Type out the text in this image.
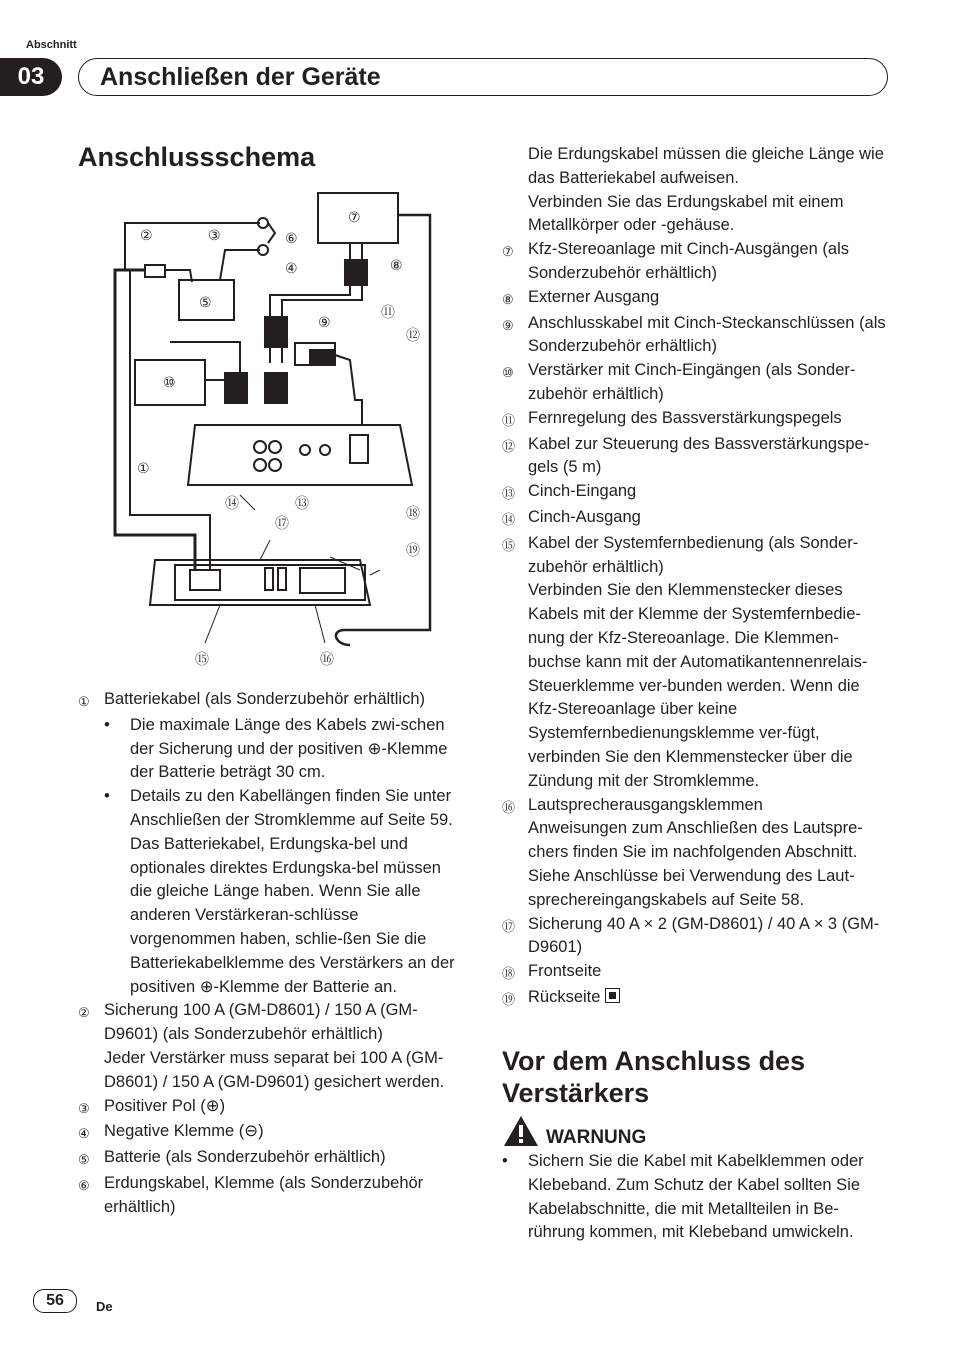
Abschnitt
03	Anschließen der Geräte
Anschlussschema
①
②	③
④
⑤
⑥
⑦
⑧
⑨
⑩
⑪
⑫
⑬
⑭
⑮	⑯
⑰
⑱
⑲
① Batteriekabel (als Sonderzubehör erhältlich)

•	Die maximale Länge des Kabels zwi-schen der Sicherung und der positiven ⊕-Klemme der Batterie beträgt 30 cm.
•	Details zu den Kabellängen finden Sie unter Anschließen der Stromklemme auf Seite 59. Das Batteriekabel, Erdungska-bel und optionales direktes Erdungska-bel müssen die gleiche Länge haben. Wenn Sie alle anderen Verstärkeran-schlüsse vorgenommen haben, schlie-ßen Sie die Batteriekabelklemme des Verstärkers an der positiven ⊕-Klemme der Batterie an.
② Sicherung 100 A (GM-D8601) / 150 A (GM-D9601) (als Sonderzubehör erhältlich)

Jeder Verstärker muss separat bei 100 A (GM-D8601) / 150 A (GM-D9601) gesichert werden.

③ Positiver Pol (⊕)

④ Negative Klemme (⊖)

⑤ Batterie (als Sonderzubehör erhältlich)

⑥ Erdungskabel, Klemme (als Sonderzubehör erhältlich)

Die Erdungskabel müssen die gleiche Länge wie das Batteriekabel aufweisen.

Verbinden Sie das Erdungskabel mit einem Metallkörper oder -gehäuse.

⑦ Kfz-Stereoanlage mit Cinch-Ausgängen (als Sonderzubehör erhältlich)

⑧ Externer Ausgang

⑨ Anschlusskabel mit Cinch-Steckanschlüssen (als Sonderzubehör erhältlich)

⑩ Verstärker mit Cinch-Eingängen (als Sonder-zubehör erhältlich)

⑪ Fernregelung des Bassverstärkungspegels

⑫ Kabel zur Steuerung des Bassverstärkungspe-gels (5 m)

⑬ Cinch-Eingang

⑭ Cinch-Ausgang

⑮ Kabel der Systemfernbedienung (als Sonder-zubehör erhältlich)

Verbinden Sie den Klemmenstecker dieses Kabels mit der Klemme der Systemfernbedie-nung der Kfz-Stereoanlage. Die Klemmen-buchse kann mit der Automatikantennenrelais-Steuerklemme ver-bunden werden. Wenn die Kfz-Stereoanlage über keine Systemfernbedienungsklemme ver-fügt, verbinden Sie den Klemmenstecker über die Zündung mit der Stromklemme.

⑯ Lautsprecherausgangsklemmen

Anweisungen zum Anschließen des Lautspre-chers finden Sie im nachfolgenden Abschnitt. Siehe Anschlüsse bei Verwendung des Laut-sprechereingangskabels auf Seite 58.

⑰ Sicherung 40 A × 2 (GM-D8601) / 40 A × 3 (GM-D9601)

⑱ Frontseite

⑲ Rückseite

Vor dem Anschluss des Verstärkers
WARNUNG
•	Sichern Sie die Kabel mit Kabelklemmen oder Klebeband. Zum Schutz der Kabel sollten Sie Kabelabschnitte, die mit Metallteilen in Be-rührung kommen, mit Klebeband umwickeln.
56	De
